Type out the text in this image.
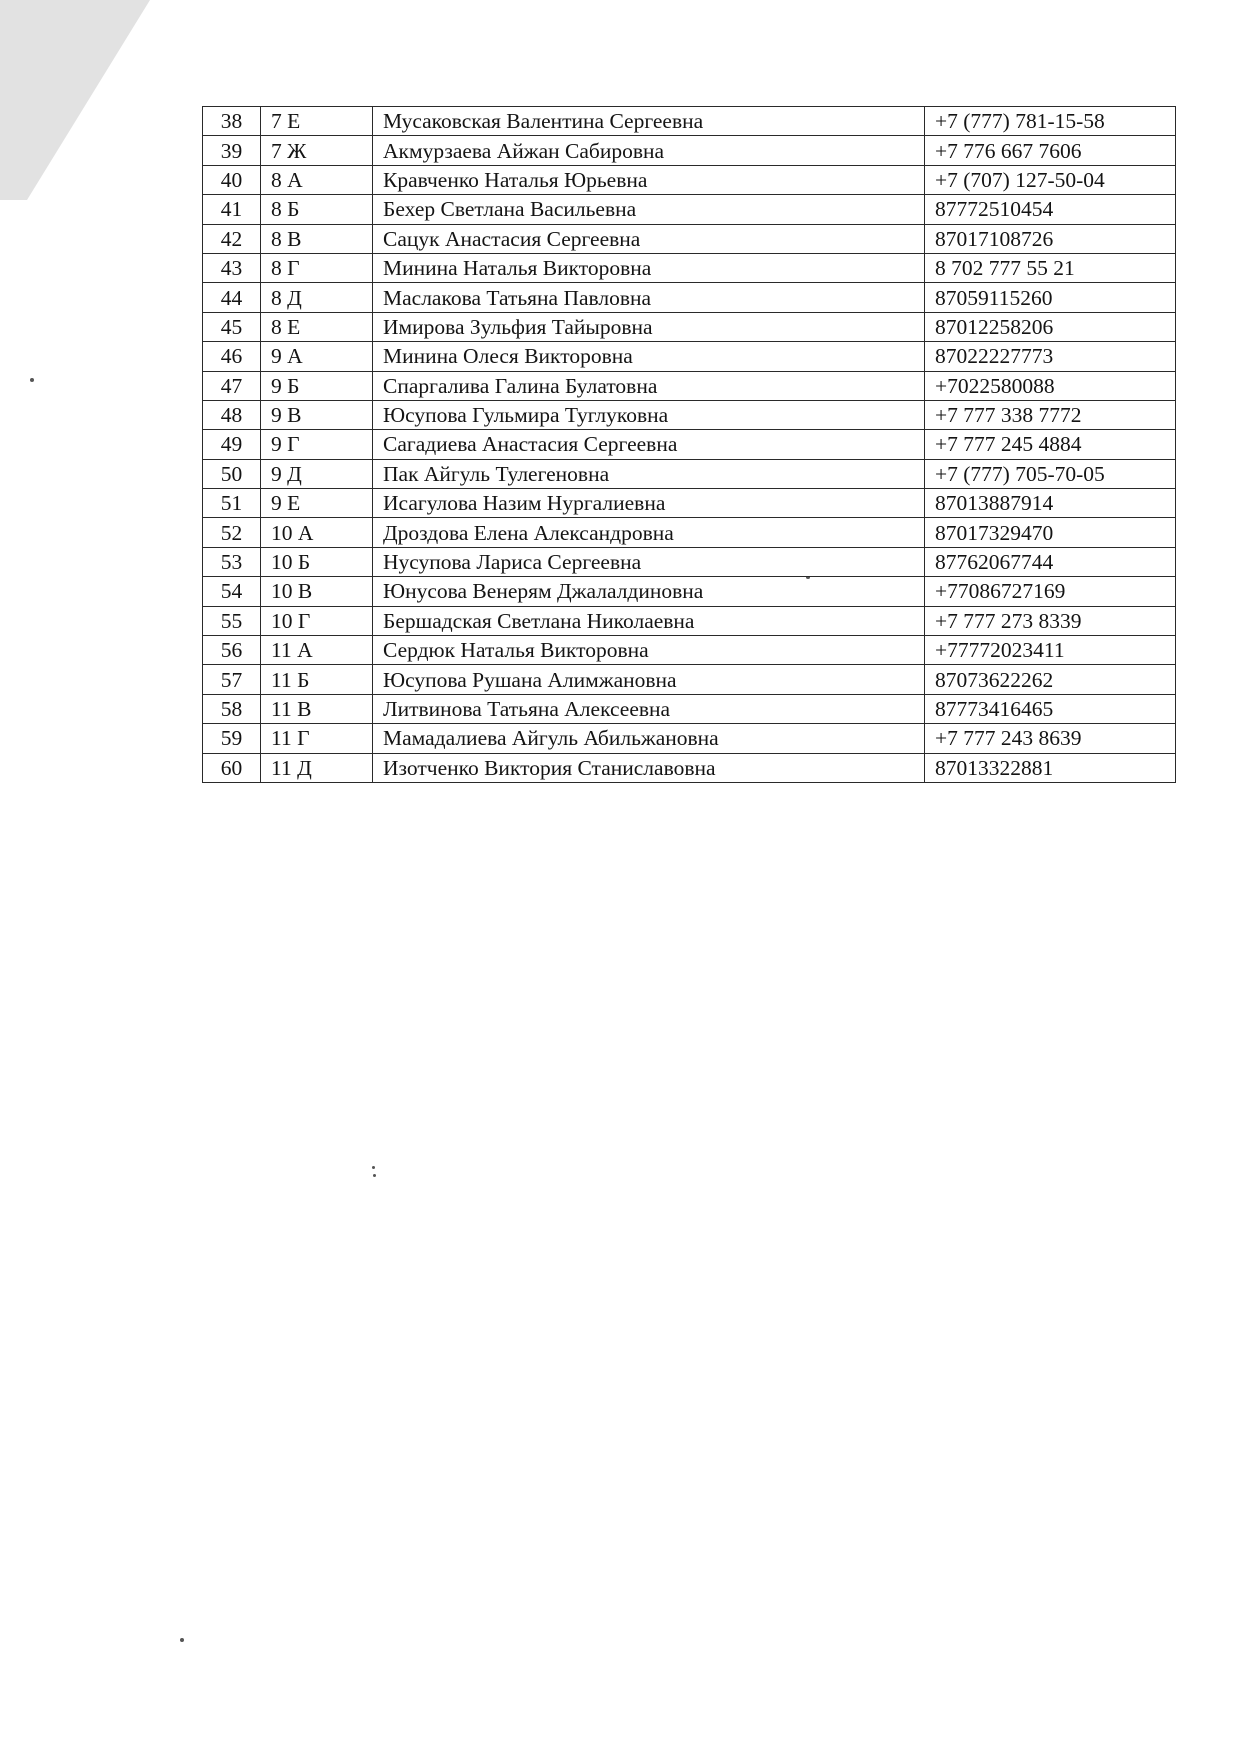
38	7 Е	Мусаковская Валентина Сергеевна	+7 (777) 781-15-58
39	7 Ж	Акмурзаева Айжан Сабировна	+7 776 667 7606
40	8 А	Кравченко Наталья Юрьевна	+7 (707) 127-50-04
41	8 Б	Бехер Светлана Васильевна	87772510454
42	8 В	Сацук Анастасия Сергеевна	87017108726
43	8 Г	Минина Наталья Викторовна	8 702 777 55 21
44	8 Д	Маслакова Татьяна Павловна	87059115260
45	8 Е	Имирова Зульфия Тайыровна	87012258206
46	9 А	Минина Олеся Викторовна	87022227773
47	9 Б	Спаргалива Галина Булатовна	+7022580088
48	9 В	Юсупова Гульмира Туглуковна	+7 777 338 7772
49	9 Г	Сагадиева Анастасия Сергеевна	+7 777 245 4884
50	9 Д	Пак Айгуль Тулегеновна	+7 (777) 705-70-05
51	9 Е	Исагулова Назим Нургалиевна	87013887914
52	10 А	Дроздова Елена Александровна	87017329470
53	10 Б	Нусупова Лариса Сергеевна	87762067744
54	10 В	Юнусова Венерям Джалалдиновна	+77086727169
55	10 Г	Бершадская Светлана Николаевна	+7 777 273 8339
56	11 А	Сердюк Наталья Викторовна	+77772023411
57	11 Б	Юсупова Рушана Алимжановна	87073622262
58	11 В	Литвинова Татьяна Алексеевна	87773416465
59	11 Г	Мамадалиева Айгуль Абильжановна	+7 777 243 8639
60	11 Д	Изотченко Виктория Станиславовна	87013322881
